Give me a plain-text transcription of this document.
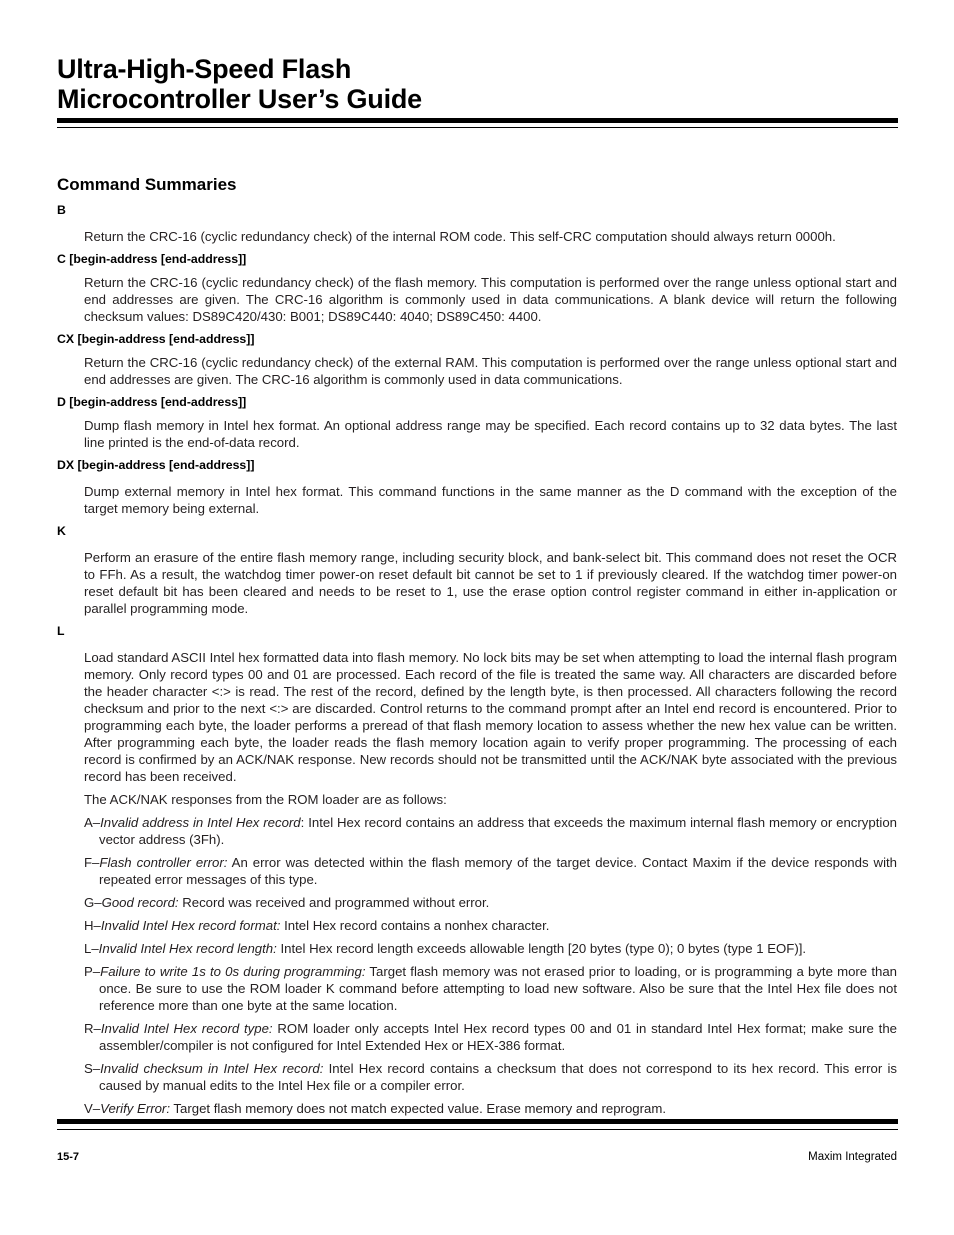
Ultra-High-Speed Flash
Microcontroller User’s Guide
Command Summaries
B

Return the CRC-16 (cyclic redundancy check) of the internal ROM code. This self-CRC computation should always return 0000h.

C [begin-address [end-address]]

Return the CRC-16 (cyclic redundancy check) of the flash memory. This computation is performed over the range unless optional start and end addresses are given. The CRC-16 algorithm is commonly used in data communications. A blank device will return the following checksum values: DS89C420/430: B001; DS89C440: 4040; DS89C450: 4400.

CX [begin-address [end-address]]

Return the CRC-16 (cyclic redundancy check) of the external RAM. This computation is performed over the range unless optional start and end addresses are given. The CRC-16 algorithm is commonly used in data communications.

D [begin-address [end-address]]

Dump flash memory in Intel hex format. An optional address range may be specified. Each record contains up to 32 data bytes. The last line printed is the end-of-data record.

DX [begin-address [end-address]]

Dump external memory in Intel hex format. This command functions in the same manner as the D command with the exception of the target memory being external.

K

Perform an erasure of the entire flash memory range, including security block, and bank-select bit. This command does not reset the OCR to FFh. As a result, the watchdog timer power-on reset default bit cannot be set to 1 if previously cleared. If the watchdog timer power-on reset default bit has been cleared and needs to be reset to 1, use the erase option control register command in either in-application or parallel programming mode.

L

Load standard ASCII Intel hex formatted data into flash memory. No lock bits may be set when attempting to load the internal flash program memory. Only record types 00 and 01 are processed. Each record of the file is treated the same way. All characters are discarded before the header character <:> is read. The rest of the record, defined by the length byte, is then processed. All characters following the record checksum and prior to the next <:> are discarded. Control returns to the command prompt after an Intel end record is encountered. Prior to programming each byte, the loader performs a preread of that flash memory location to assess whether the new hex value can be written. After programming each byte, the loader reads the flash memory location again to verify proper programming. The processing of each record is confirmed by an ACK/NAK response. New records should not be transmitted until the ACK/NAK byte associated with the previous record has been received.

The ACK/NAK responses from the ROM loader are as follows:

A–Invalid address in Intel Hex record: Intel Hex record contains an address that exceeds the maximum internal flash memory or encryption vector address (3Fh).

F–Flash controller error: An error was detected within the flash memory of the target device. Contact Maxim if the device responds with repeated error messages of this type.

G–Good record: Record was received and programmed without error.

H–Invalid Intel Hex record format: Intel Hex record contains a nonhex character.

L–Invalid Intel Hex record length: Intel Hex record length exceeds allowable length [20 bytes (type 0); 0 bytes (type 1 EOF)].

P–Failure to write 1s to 0s during programming: Target flash memory was not erased prior to loading, or is programming a byte more than once. Be sure to use the ROM loader K command before attempting to load new software. Also be sure that the Intel Hex file does not reference more than one byte at the same location.

R–Invalid Intel Hex record type: ROM loader only accepts Intel Hex record types 00 and 01 in standard Intel Hex format; make sure the assembler/compiler is not configured for Intel Extended Hex or HEX-386 format.

S–Invalid checksum in Intel Hex record: Intel Hex record contains a checksum that does not correspond to its hex record. This error is caused by manual edits to the Intel Hex file or a compiler error.

V–Verify Error: Target flash memory does not match expected value. Erase memory and reprogram.

15-7	Maxim Integrated
